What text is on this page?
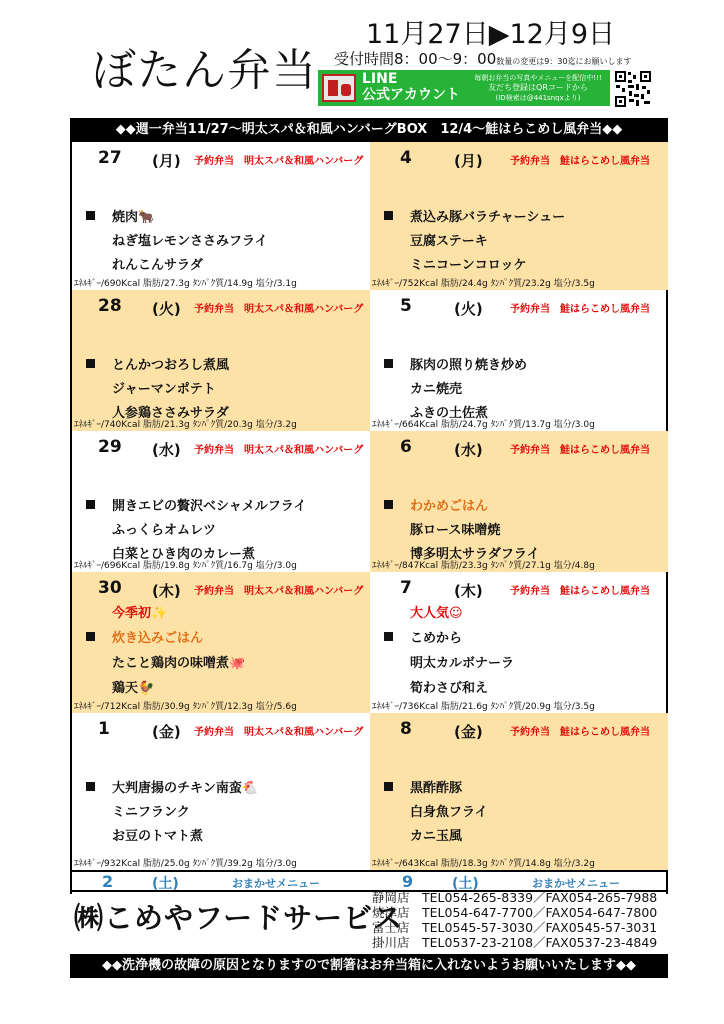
ぼたん弁当
11月27日▶12月9日
受付時間8：00～9：00数量の変更は9：30迄にお願いします
LINE
公式アカウント
毎朝お弁当の写真やメニューを配信中!!!
友だち登録はQRコードから
(ID検索は@441snqxより)
◆◆週一弁当11/27～明太スパ＆和風ハンバーグBOX　12/4～鮭はらこめし風弁当◆◆
27 (月) 予約弁当　明太スパ＆和風ハンバーグ
焼肉🐂
ねぎ塩レモンささみフライ
れんこんサラダ
ｴﾈﾙｷﾞｰ/690Kcal 脂肪/27.3g ﾀﾝﾊﾟｸ質/14.9g 塩分/3.1g
4	(月)	予約弁当　鮭はらこめし風弁当
煮込み豚バラチャーシュー
豆腐ステーキ
ミニコーンコロッケ
ｴﾈﾙｷﾞｰ/752Kcal 脂肪/24.4g ﾀﾝﾊﾟｸ質/23.2g 塩分/3.5g
28 (火) 予約弁当　明太スパ＆和風ハンバーグ
とんかつおろし煮風
ジャーマンポテト
人参鶏ささみサラダ
ｴﾈﾙｷﾞｰ/740Kcal 脂肪/21.3g ﾀﾝﾊﾟｸ質/20.3g 塩分/3.2g
5	(火)	予約弁当　鮭はらこめし風弁当
豚肉の照り焼き炒め
カニ焼売
ふきの土佐煮
ｴﾈﾙｷﾞｰ/664Kcal 脂肪/24.7g ﾀﾝﾊﾟｸ質/13.7g 塩分/3.0g
29 (水) 予約弁当　明太スパ＆和風ハンバーグ
開きエビの贅沢ベシャメルフライ
ふっくらオムレツ
白菜とひき肉のカレー煮
ｴﾈﾙｷﾞｰ/696Kcal 脂肪/19.8g ﾀﾝﾊﾟｸ質/16.7g 塩分/3.0g
6	(水)	予約弁当　鮭はらこめし風弁当
わかめごはん
豚ロース味噌焼
博多明太サラダフライ
ｴﾈﾙｷﾞｰ/847Kcal 脂肪/23.3g ﾀﾝﾊﾟｸ質/27.1g 塩分/4.8g
30 (木) 予約弁当　明太スパ＆和風ハンバーグ
今季初✨
炊き込みごはん
たこと鶏肉の味噌煮🐙
鶏天🐓
ｴﾈﾙｷﾞｰ/712Kcal 脂肪/30.9g ﾀﾝﾊﾟｸ質/12.3g 塩分/5.6g
7	(木)	予約弁当　鮭はらこめし風弁当
大人気☺
こめから
明太カルボナーラ
筍わさび和え
ｴﾈﾙｷﾞｰ/736Kcal 脂肪/21.6g ﾀﾝﾊﾟｸ質/20.9g 塩分/3.5g
1	(金) 予約弁当　明太スパ＆和風ハンバーグ
大判唐揚のチキン南蛮🐔
ミニフランク
お豆のトマト煮
ｴﾈﾙｷﾞｰ/932Kcal 脂肪/25.0g ﾀﾝﾊﾟｸ質/39.2g 塩分/3.0g
8	(金)	予約弁当　鮭はらこめし風弁当
黒酢酢豚
白身魚フライ
カニ玉風
ｴﾈﾙｷﾞｰ/643Kcal 脂肪/18.3g ﾀﾝﾊﾟｸ質/14.8g 塩分/3.2g
2	(土)	おまかせメニュー	9	(土)	おまかせメニュー
㈱こめやフードサービス
静岡店　TEL054-265-8339／FAX054-265-7988
焼津店　TEL054-647-7700／FAX054-647-7800
富士店　TEL0545-57-3030／FAX0545-57-3031
掛川店　TEL0537-23-2108／FAX0537-23-4849
◆◆洗浄機の故障の原因となりますので割箸はお弁当箱に入れないようお願いいたします◆◆
